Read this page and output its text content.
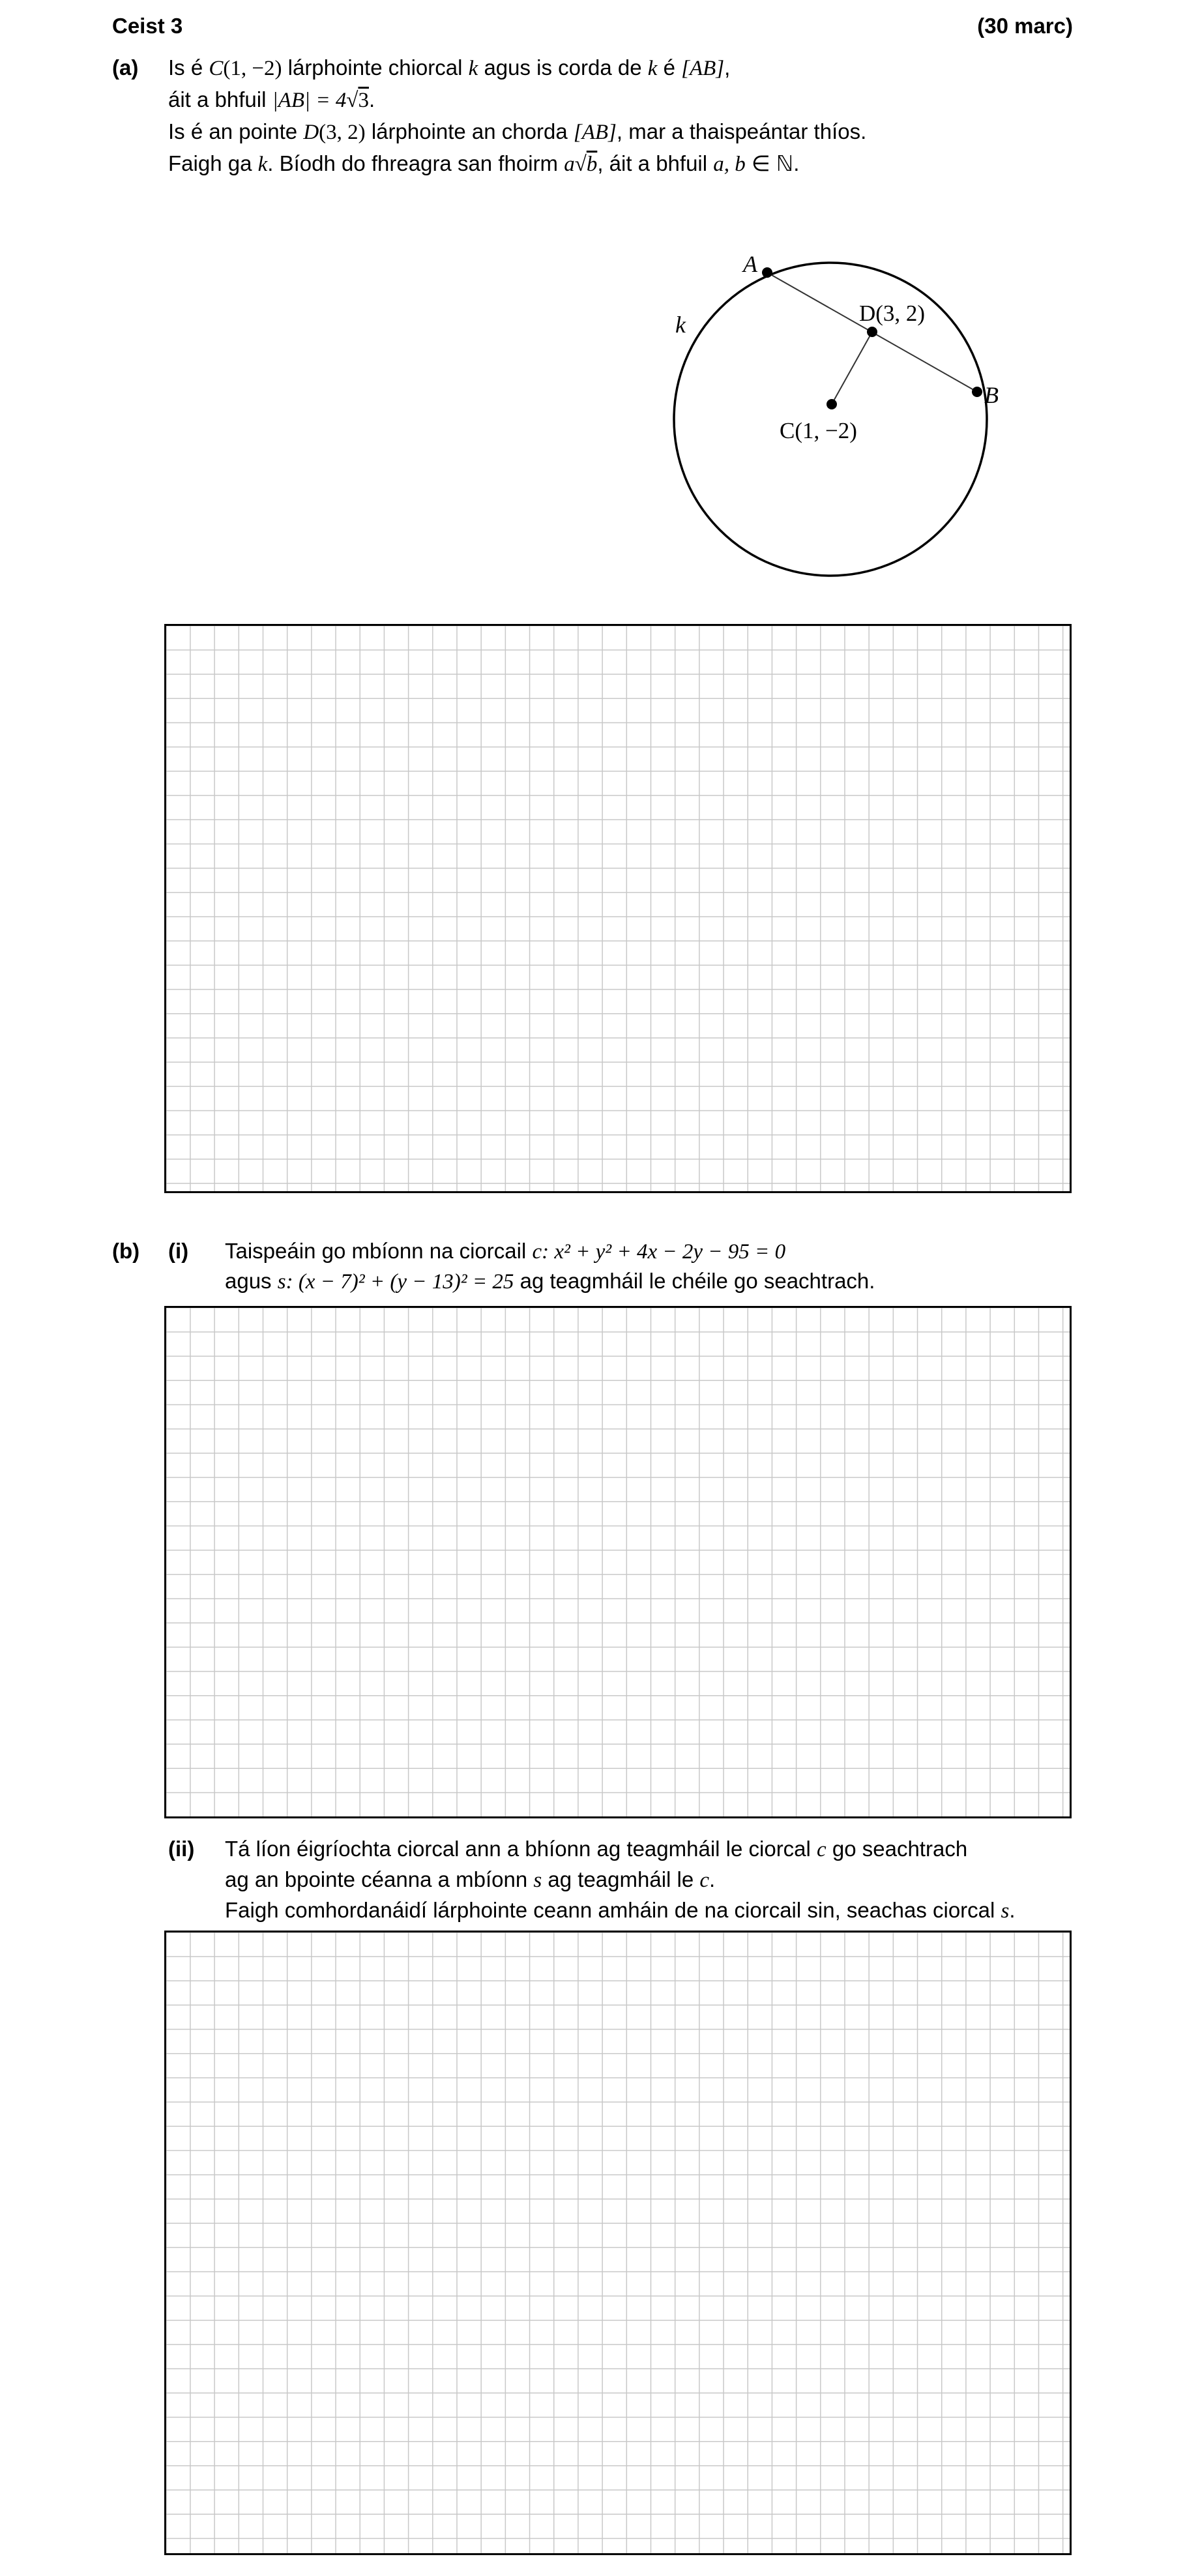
Ceist 3	(30 marc)
(a) Is é C(1, −2) lárphointe chiorcal k agus is corda de k é [AB],
áit a bhfuil |AB| = 4√3.
Is é an pointe D(3, 2) lárphointe an chorda [AB], mar a thaispeántar thíos.
Faigh ga k. Bíodh do fhreagra san fhoirm a√b, áit a bhfuil a, b ∈ ℕ.
A
B
k	D(3, 2)
C(1, −2)
(b) (i) Taispeáin go mbíonn na ciorcail c: x² + y² + 4x − 2y − 95 = 0
agus s: (x − 7)² + (y − 13)² = 25 ag teagmháil le chéile go seachtrach.
(ii) Tá líon éigríochta ciorcal ann a bhíonn ag teagmháil le ciorcal c go seachtrach
ag an bpointe céanna a mbíonn s ag teagmháil le c.
Faigh comhordanáidí lárphointe ceann amháin de na ciorcail sin, seachas ciorcal s.
